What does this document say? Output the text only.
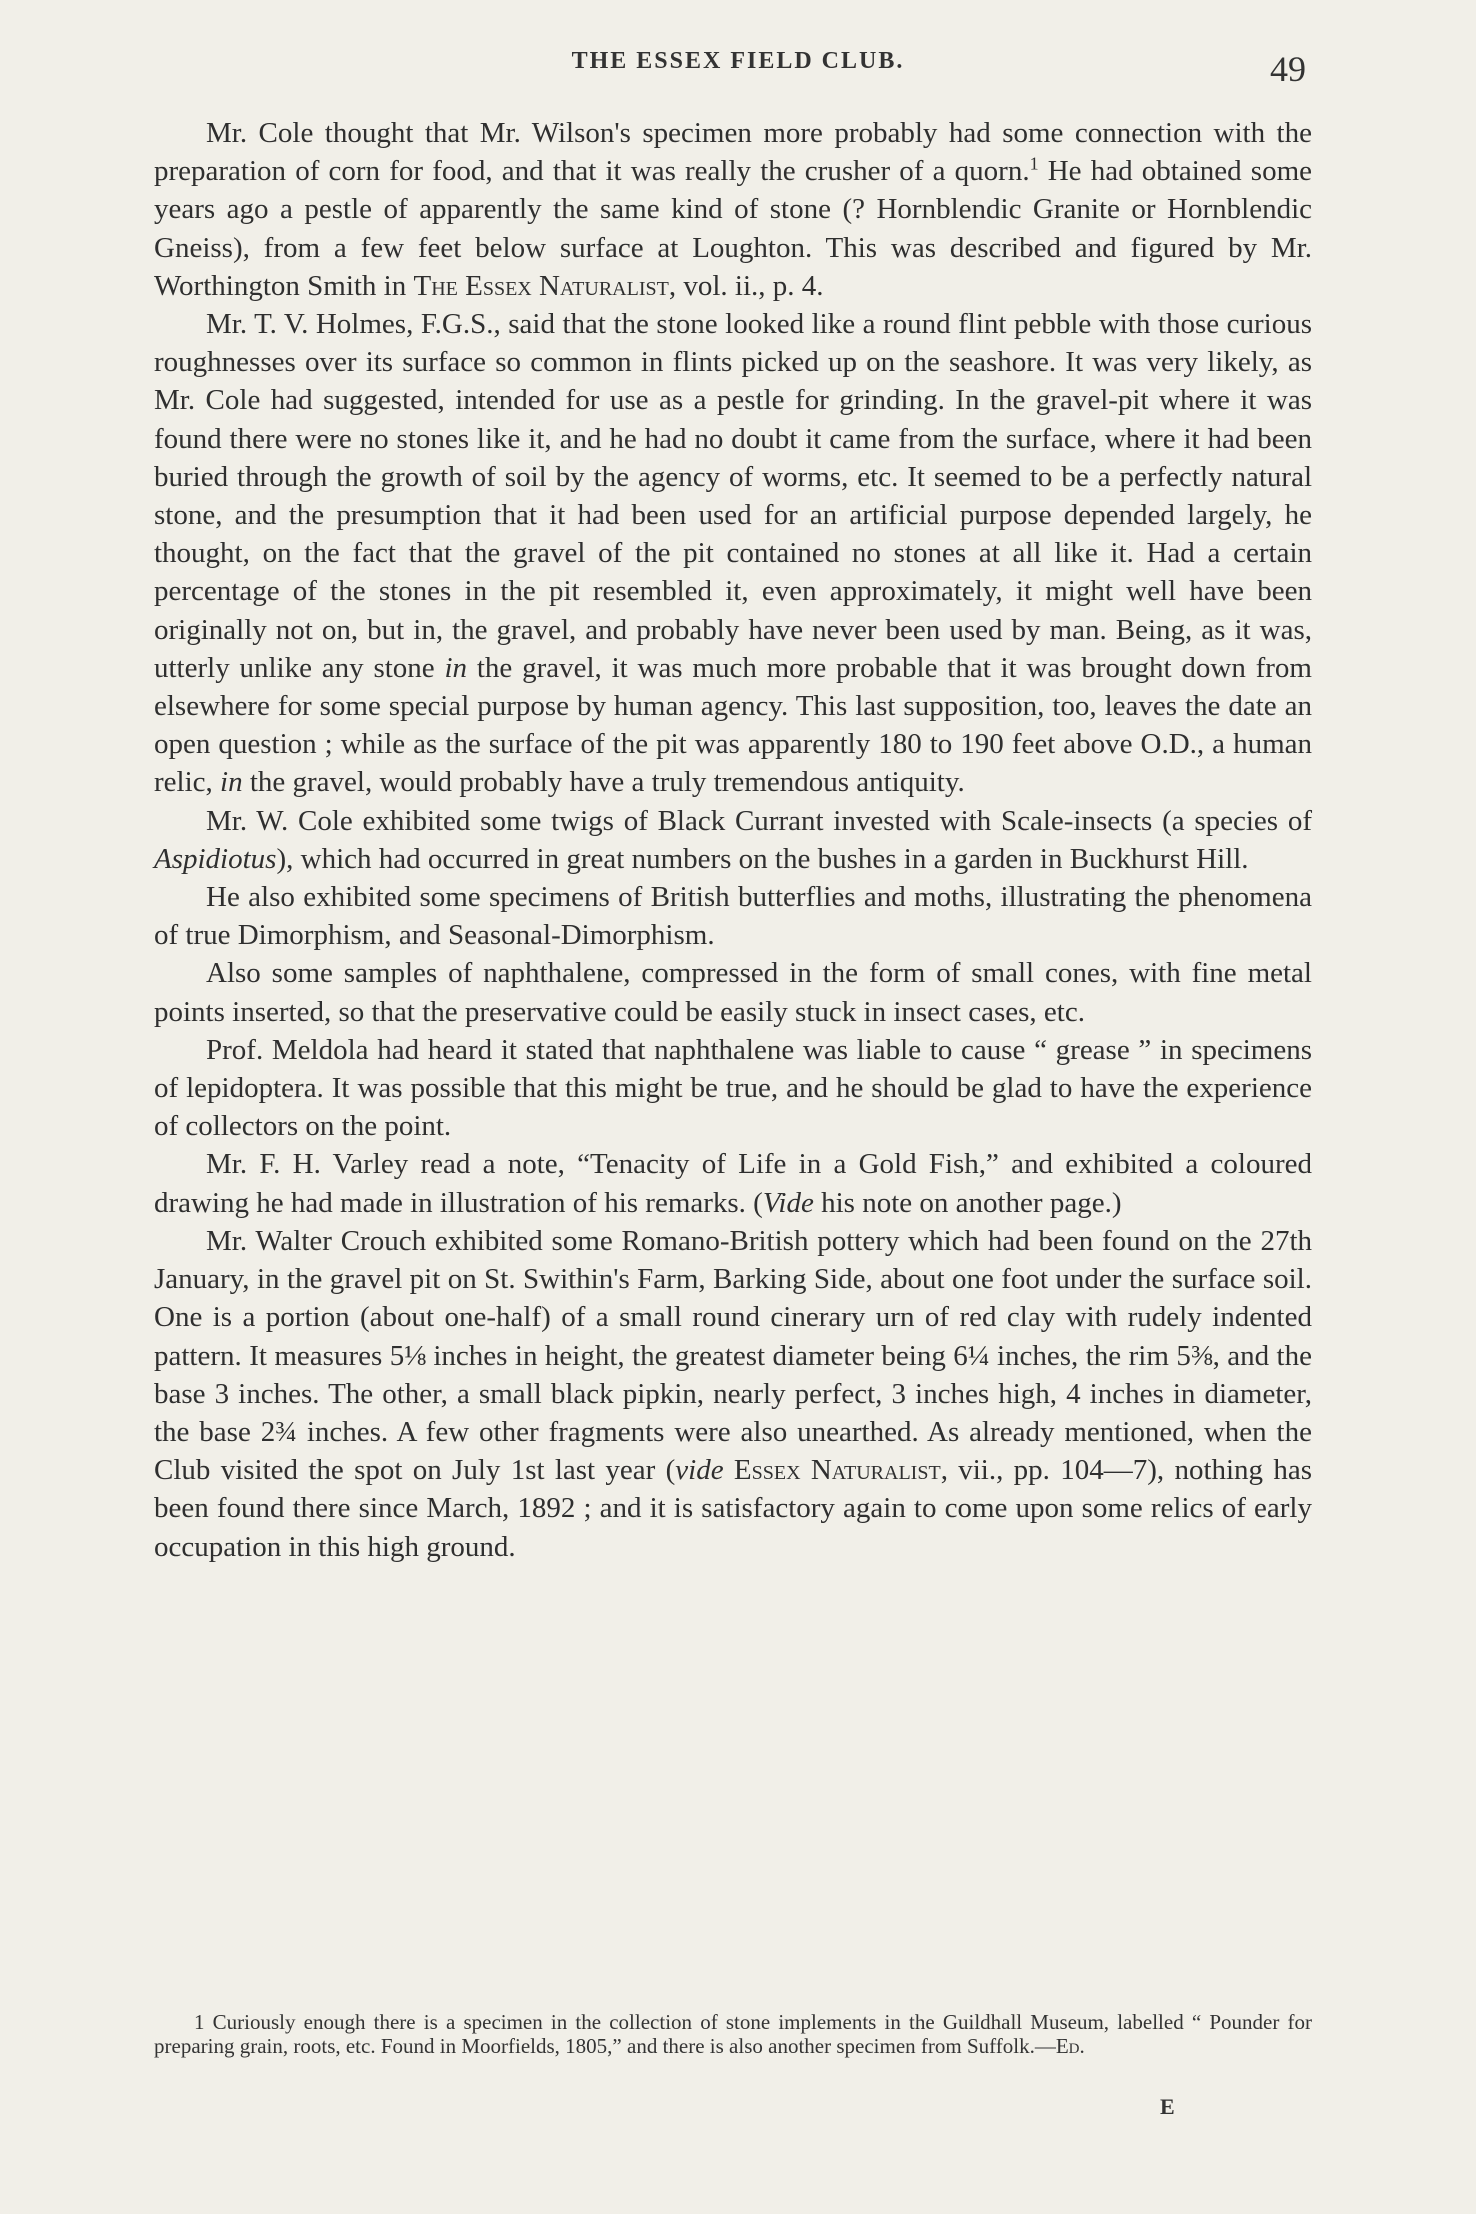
THE ESSEX FIELD CLUB.	49

Mr. Cole thought that Mr. Wilson's specimen more probably had some connection with the preparation of corn for food, and that it was really the crusher of a quorn.$^1$ He had obtained some years ago a pestle of apparently the same kind of stone (? Hornblendic Granite or Hornblendic Gneiss), from a few feet below surface at Loughton. This was described and figured by Mr. Worthington Smith in The Essex Naturalist, vol. ii., p. 4.

Mr. T. V. Holmes, F.G.S., said that the stone looked like a round flint pebble with those curious roughnesses over its surface so common in flints picked up on the seashore. It was very likely, as Mr. Cole had suggested, intended for use as a pestle for grinding. In the gravel-pit where it was found there were no stones like it, and he had no doubt it came from the surface, where it had been buried through the growth of soil by the agency of worms, etc. It seemed to be a perfectly natural stone, and the presumption that it had been used for an artificial purpose depended largely, he thought, on the fact that the gravel of the pit contained no stones at all like it. Had a certain percentage of the stones in the pit resembled it, even approximately, it might well have been originally not on, but in, the gravel, and probably have never been used by man. Being, as it was, utterly unlike any stone in the gravel, it was much more probable that it was brought down from elsewhere for some special purpose by human agency. This last supposition, too, leaves the date an open question ; while as the surface of the pit was apparently 180 to 190 feet above O.D., a human relic, in the gravel, would probably have a truly tremendous antiquity.

Mr. W. Cole exhibited some twigs of Black Currant invested with Scale-insects (a species of Aspidiotus), which had occurred in great numbers on the bushes in a garden in Buckhurst Hill.

He also exhibited some specimens of British butterflies and moths, illustrating the phenomena of true Dimorphism, and Seasonal-Dimorphism.

Also some samples of naphthalene, compressed in the form of small cones, with fine metal points inserted, so that the preservative could be easily stuck in insect cases, etc.

Prof. Meldola had heard it stated that naphthalene was liable to cause “ grease ” in specimens of lepidoptera. It was possible that this might be true, and he should be glad to have the experience of collectors on the point.

Mr. F. H. Varley read a note, “Tenacity of Life in a Gold Fish,” and exhibited a coloured drawing he had made in illustration of his remarks. (Vide his note on another page.)

Mr. Walter Crouch exhibited some Romano-British pottery which had been found on the 27th January, in the gravel pit on St. Swithin's Farm, Barking Side, about one foot under the surface soil. One is a portion (about one-half) of a small round cinerary urn of red clay with rudely indented pattern. It measures 5⅛ inches in height, the greatest diameter being 6¼ inches, the rim 5⅜, and the base 3 inches. The other, a small black pipkin, nearly perfect, 3 inches high, 4 inches in diameter, the base 2¾ inches. A few other fragments were also unearthed. As already mentioned, when the Club visited the spot on July 1st last year (vide Essex Naturalist, vii., pp. 104—7), nothing has been found there since March, 1892 ; and it is satisfactory again to come upon some relics of early occupation in this high ground.

1 Curiously enough there is a specimen in the collection of stone implements in the Guildhall Museum, labelled “ Pounder for preparing grain, roots, etc. Found in Moorfields, 1805,” and there is also another specimen from Suffolk.—Ed.

E
